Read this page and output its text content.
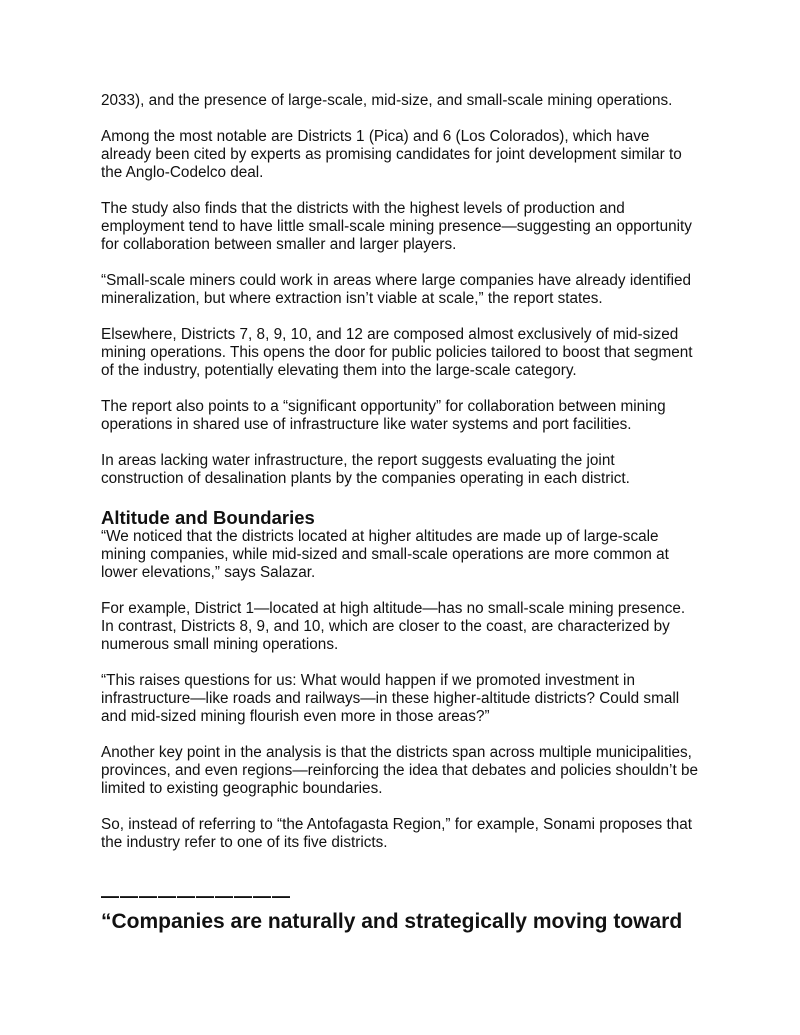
2033), and the presence of large-scale, mid-size, and small-scale mining operations.

Among the most notable are Districts 1 (Pica) and 6 (Los Colorados), which have already been cited by experts as promising candidates for joint development similar to the Anglo-Codelco deal.

The study also finds that the districts with the highest levels of production and employment tend to have little small-scale mining presence—suggesting an opportunity for collaboration between smaller and larger players.

“Small-scale miners could work in areas where large companies have already identified mineralization, but where extraction isn’t viable at scale,” the report states.

Elsewhere, Districts 7, 8, 9, 10, and 12 are composed almost exclusively of mid-sized mining operations. This opens the door for public policies tailored to boost that segment of the industry, potentially elevating them into the large-scale category.

The report also points to a “significant opportunity” for collaboration between mining operations in shared use of infrastructure like water systems and port facilities.

In areas lacking water infrastructure, the report suggests evaluating the joint construction of desalination plants by the companies operating in each district.

Altitude and Boundaries

“We noticed that the districts located at higher altitudes are made up of large-scale mining companies, while mid-sized and small-scale operations are more common at lower elevations,” says Salazar.

For example, District 1—located at high altitude—has no small-scale mining presence. In contrast, Districts 8, 9, and 10, which are closer to the coast, are characterized by numerous small mining operations.

“This raises questions for us: What would happen if we promoted investment in infrastructure—like roads and railways—in these higher-altitude districts? Could small and mid-sized mining flourish even more in those areas?”

Another key point in the analysis is that the districts span across multiple municipalities, provinces, and even regions—reinforcing the idea that debates and policies shouldn’t be limited to existing geographic boundaries.

So, instead of referring to “the Antofagasta Region,” for example, Sonami proposes that the industry refer to one of its five districts.

——————————
“Companies are naturally and strategically moving toward
